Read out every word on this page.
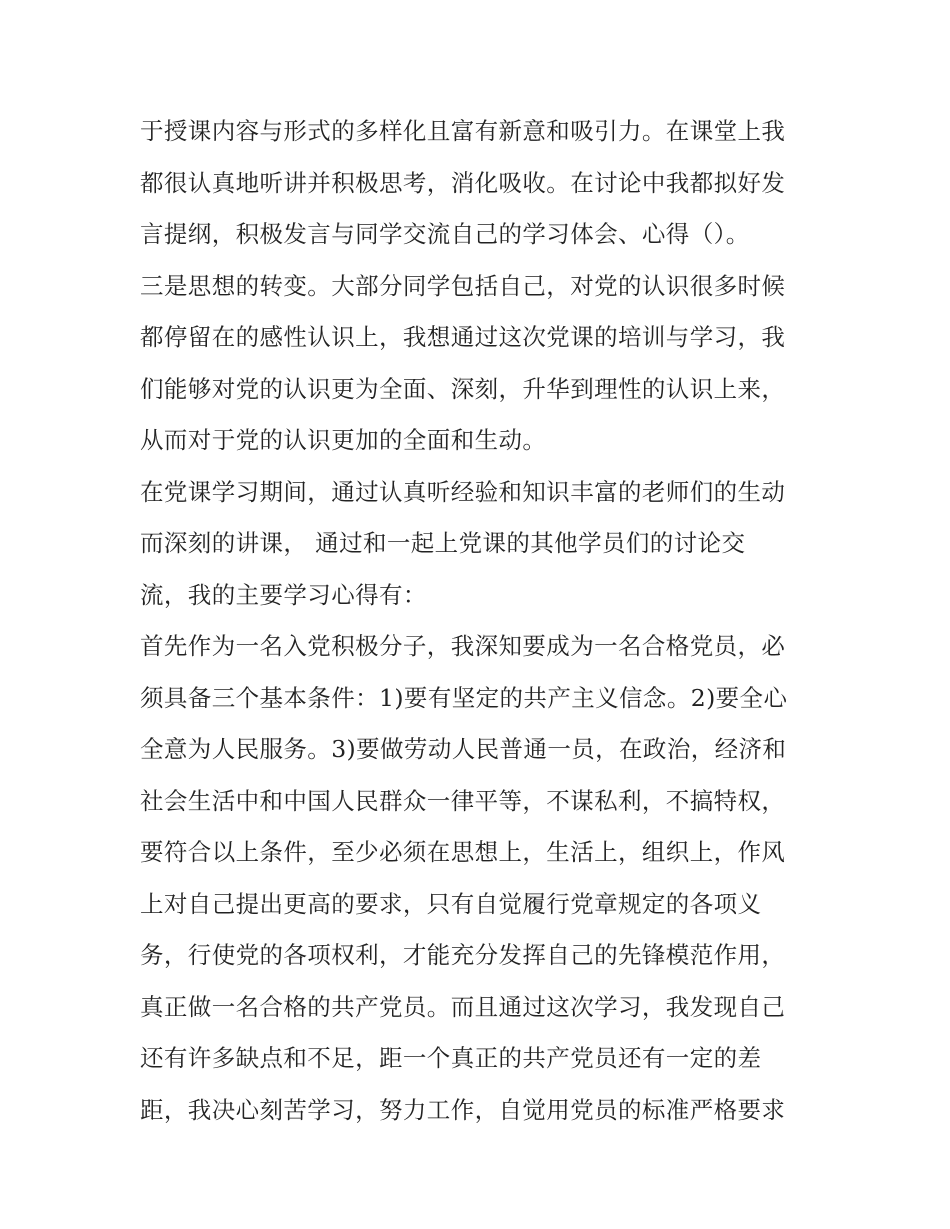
于授课内容与形式的多样化且富有新意和吸引力。在课堂上我
都很认真地听讲并积极思考，消化吸收。在讨论中我都拟好发
言提纲，积极发言与同学交流自己的学习体会、心得（）。
三是思想的转变。大部分同学包括自己，对党的认识很多时候
都停留在的感性认识上，我想通过这次党课的培训与学习，我
们能够对党的认识更为全面、深刻，升华到理性的认识上来，
从而对于党的认识更加的全面和生动。
在党课学习期间，通过认真听经验和知识丰富的老师们的生动
而深刻的讲课， 通过和一起上党课的其他学员们的讨论交
流，我的主要学习心得有：
首先作为一名入党积极分子，我深知要成为一名合格党员，必
须具备三个基本条件：1)要有坚定的共产主义信念。2)要全心
全意为人民服务。3)要做劳动人民普通一员，在政治，经济和
社会生活中和中国人民群众一律平等，不谋私利，不搞特权，
要符合以上条件，至少必须在思想上，生活上，组织上，作风
上对自己提出更高的要求，只有自觉履行党章规定的各项义
务，行使党的各项权利，才能充分发挥自己的先锋模范作用，
真正做一名合格的共产党员。而且通过这次学习，我发现自己
还有许多缺点和不足，距一个真正的共产党员还有一定的差
距，我决心刻苦学习，努力工作，自觉用党员的标准严格要求
